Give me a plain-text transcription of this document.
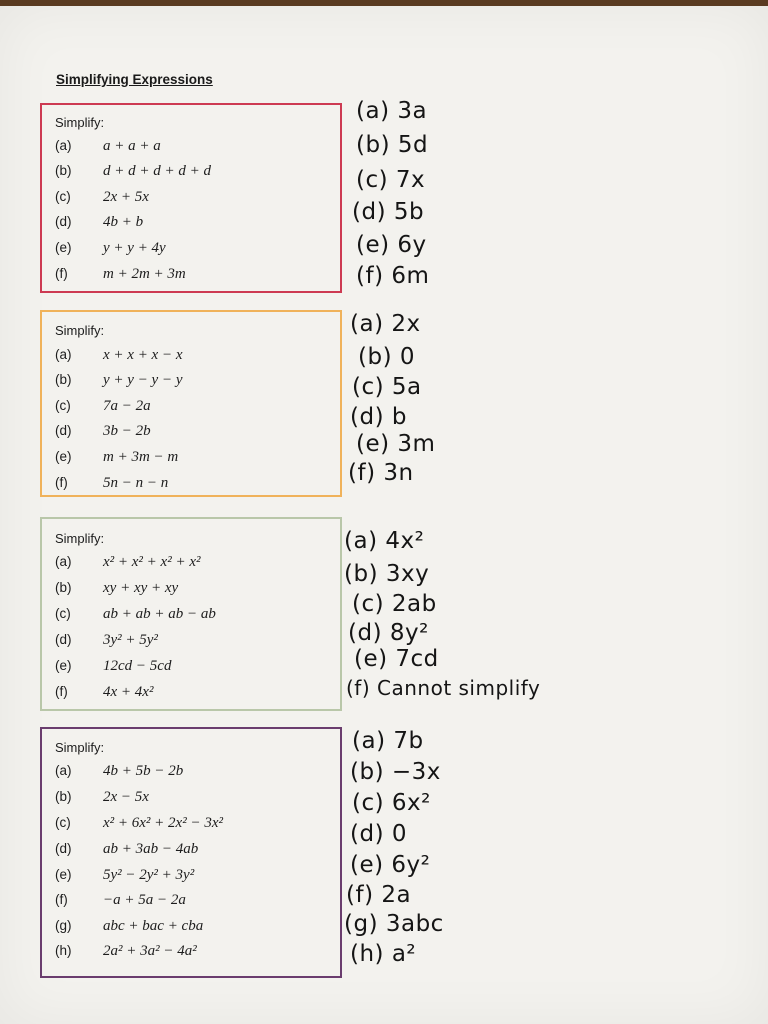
Simplifying Expressions
Simplify:
(a)	a + a + a
(b)	d + d + d + d + d
(c)	2x + 5x
(d)	4b + b
(e)	y + y + 4y
(f)	m + 2m + 3m
Simplify:
(a)	x + x + x − x
(b)	y + y − y − y
(c)	7a − 2a
(d)	3b − 2b
(e)	m + 3m − m
(f)	5n − n − n
Simplify:
(a)	x² + x² + x² + x²
(b)	xy + xy + xy
(c)	ab + ab + ab − ab
(d)	3y² + 5y²
(e)	12cd − 5cd
(f)	4x + 4x²
Simplify:
(a)	4b + 5b − 2b
(b)	2x − 5x
(c)	x² + 6x² + 2x² − 3x²
(d)	ab + 3ab − 4ab
(e)	5y² − 2y² + 3y²
(f)	−a + 5a − 2a
(g)	abc + bac + cba
(h)	2a² + 3a² − 4a²
(a) 3a
(b) 5d
(c) 7x
(d) 5b
(e) 6y
(f) 6m
(a) 2x
(b) 0
(c) 5a
(d) b
(e) 3m
(f) 3n
(a) 4x²
(b) 3xy
(c) 2ab
(d) 8y²
(e) 7cd
(f) Cannot simplify
(a) 7b
(b) −3x
(c) 6x²
(d) 0
(e) 6y²
(f) 2a
(g) 3abc
(h) a²
